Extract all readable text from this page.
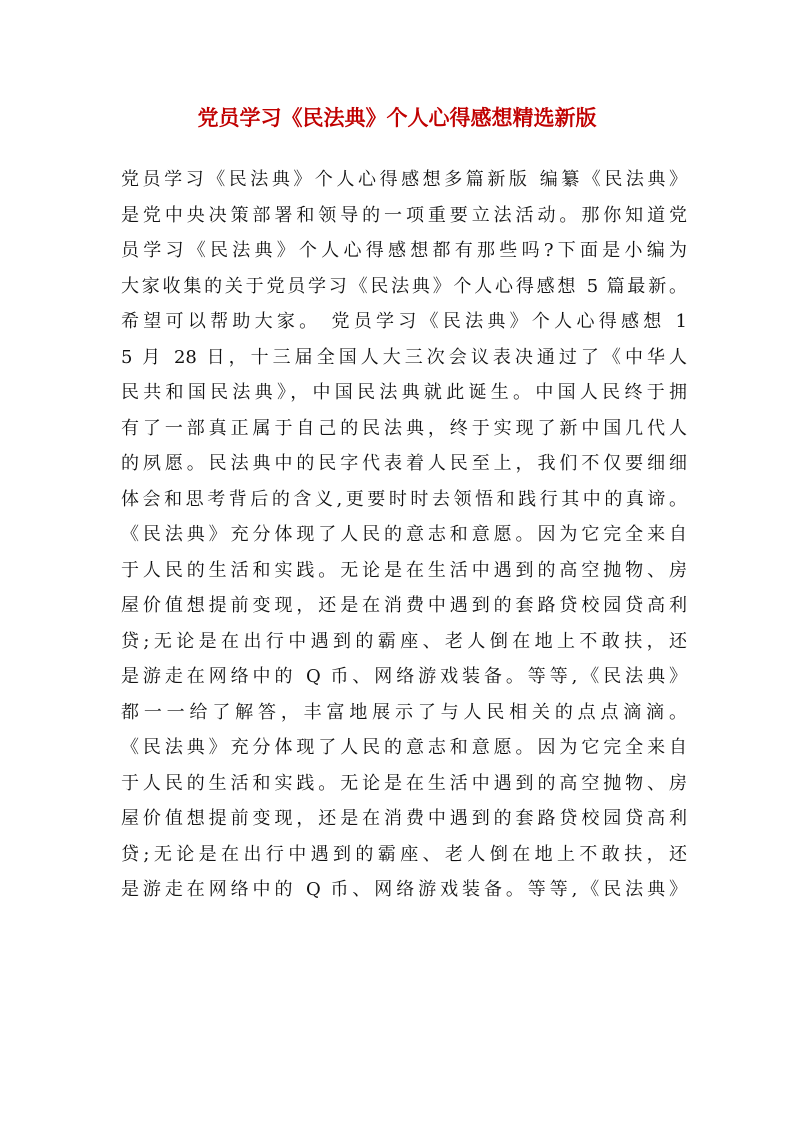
党员学习《民法典》个人心得感想精选新版
党员学习《民法典》个人心得感想多篇新版 编纂《民法典》
是党中央决策部署和领导的一项重要立法活动。那你知道党
员学习《民法典》个人心得感想都有那些吗?下面是小编为
大家收集的关于党员学习《民法典》个人心得感想 5 篇最新。
希望可以帮助大家。 党员学习《民法典》个人心得感想 1
5 月 28 日，十三届全国人大三次会议表决通过了《中华人
民共和国民法典》，中国民法典就此诞生。中国人民终于拥
有了一部真正属于自己的民法典，终于实现了新中国几代人
的夙愿。民法典中的民字代表着人民至上，我们不仅要细细
体会和思考背后的含义,更要时时去领悟和践行其中的真谛。
《民法典》充分体现了人民的意志和意愿。因为它完全来自
于人民的生活和实践。无论是在生活中遇到的高空抛物、房
屋价值想提前变现，还是在消费中遇到的套路贷校园贷高利
贷;无论是在出行中遇到的霸座、老人倒在地上不敢扶，还
是游走在网络中的 Q 币、网络游戏装备。等等,《民法典》
都一一给了解答，丰富地展示了与人民相关的点点滴滴。
《民法典》充分体现了人民的意志和意愿。因为它完全来自
于人民的生活和实践。无论是在生活中遇到的高空抛物、房
屋价值想提前变现，还是在消费中遇到的套路贷校园贷高利
贷;无论是在出行中遇到的霸座、老人倒在地上不敢扶，还
是游走在网络中的 Q 币、网络游戏装备。等等,《民法典》
